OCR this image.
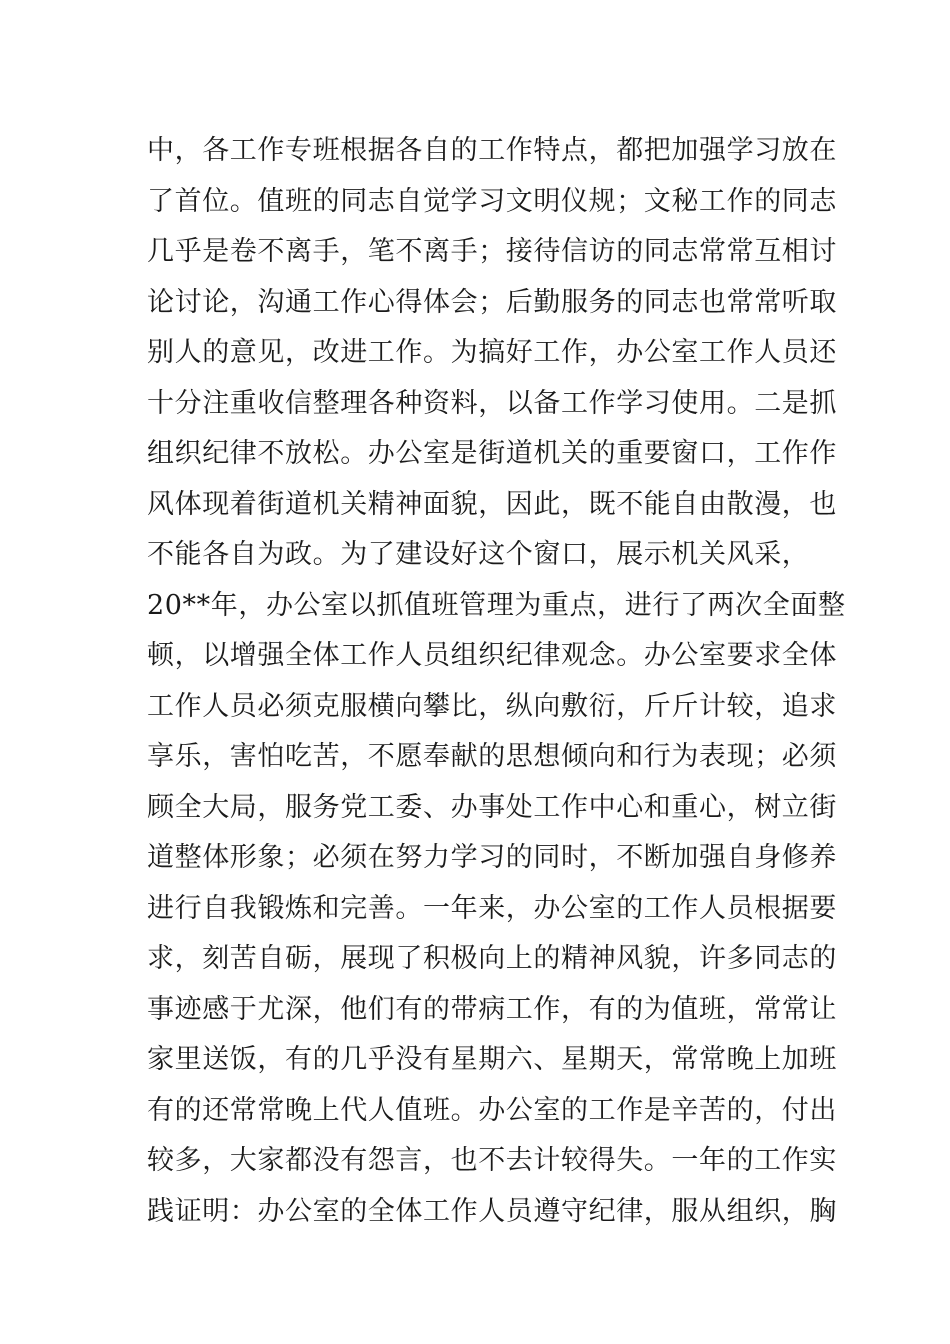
中，各工作专班根据各自的工作特点，都把加强学习放在
了首位。值班的同志自觉学习文明仪规；文秘工作的同志
几乎是卷不离手，笔不离手；接待信访的同志常常互相讨
论讨论，沟通工作心得体会；后勤服务的同志也常常听取
别人的意见，改进工作。为搞好工作，办公室工作人员还
十分注重收信整理各种资料，以备工作学习使用。二是抓
组织纪律不放松。办公室是街道机关的重要窗口，工作作
风体现着街道机关精神面貌，因此，既不能自由散漫，也
不能各自为政。为了建设好这个窗口，展示机关风采，
20**年，办公室以抓值班管理为重点，进行了两次全面整
顿，以增强全体工作人员组织纪律观念。办公室要求全体
工作人员必须克服横向攀比，纵向敷衍，斤斤计较，追求
享乐，害怕吃苦，不愿奉献的思想倾向和行为表现；必须
顾全大局，服务党工委、办事处工作中心和重心，树立街
道整体形象；必须在努力学习的同时，不断加强自身修养
进行自我锻炼和完善。一年来，办公室的工作人员根据要
求，刻苦自砺，展现了积极向上的精神风貌，许多同志的
事迹感于尤深，他们有的带病工作，有的为值班，常常让
家里送饭，有的几乎没有星期六、星期天，常常晚上加班
有的还常常晚上代人值班。办公室的工作是辛苦的，付出
较多，大家都没有怨言，也不去计较得失。一年的工作实
践证明：办公室的全体工作人员遵守纪律，服从组织，胸
